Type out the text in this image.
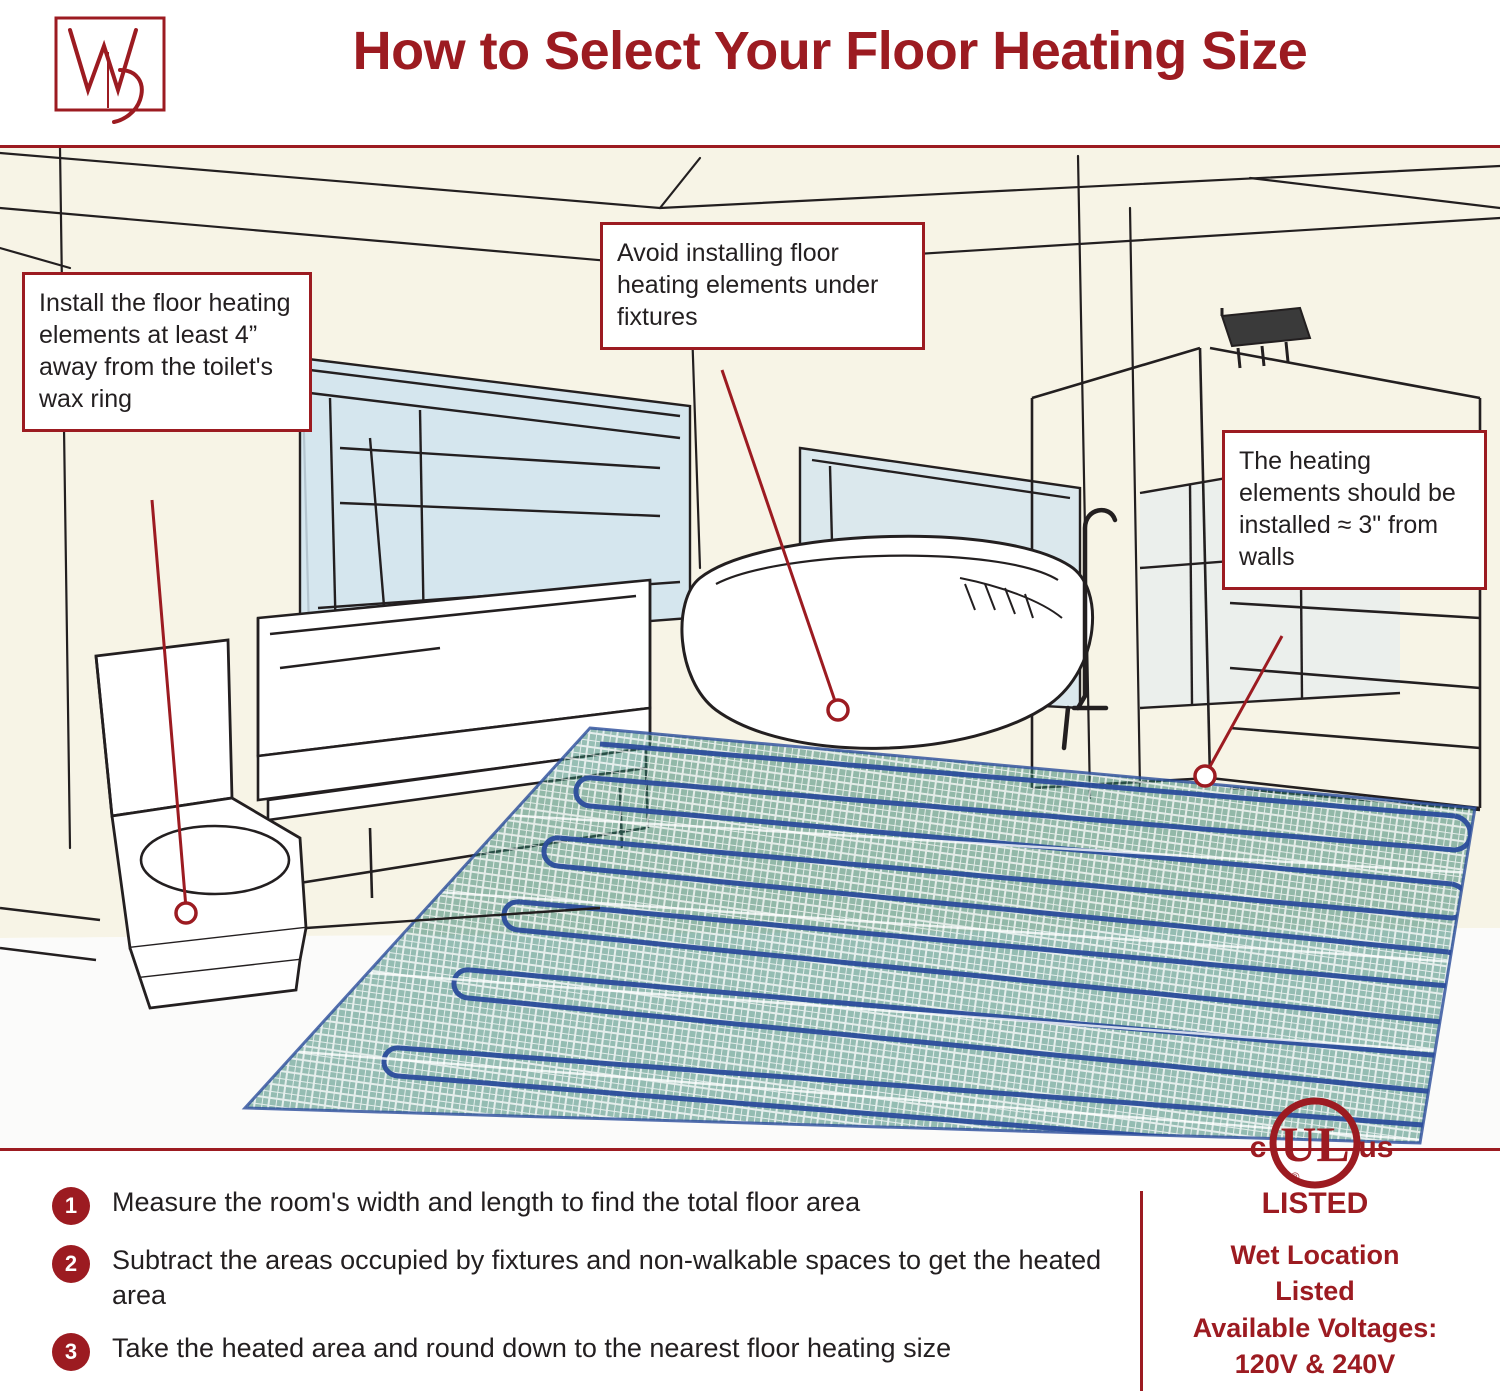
How to Select Your Floor Heating Size
Install the floor heating elements at least 4” away from the toilet's wax ring
Avoid installing floor heating elements under fixtures
The heating elements should be installed ≈ 3" from walls
1	Measure the room's width and length to find the total floor area
2	Subtract the areas occupied by fixtures and non-walkable spaces to get the heated area
3	Take the heated area and round down to the nearest floor heating size
UL
c	us
LISTED
®
Wet Location Listed
Available Voltages:
120V & 240V
